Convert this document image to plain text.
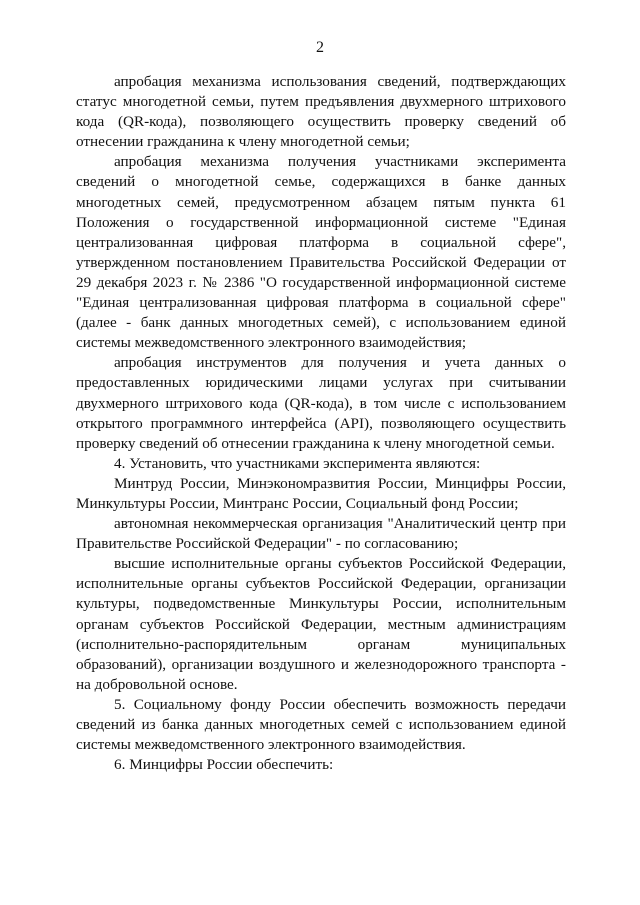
2

апробация механизма использования сведений, подтверждающих статус многодетной семьи, путем предъявления двухмерного штрихового кода (QR-кода), позволяющего осуществить проверку сведений об отнесении гражданина к члену многодетной семьи;

апробация механизма получения участниками эксперимента сведений о многодетной семье, содержащихся в банке данных многодетных семей, предусмотренном абзацем пятым пункта 61 Положения о государственной информационной системе "Единая централизованная цифровая платформа в социальной сфере", утвержденном постановлением Правительства Российской Федерации от 29 декабря 2023 г. № 2386 "О государственной информационной системе "Единая централизованная цифровая платформа в социальной сфере" (далее - банк данных многодетных семей), с использованием единой системы межведомственного электронного взаимодействия;

апробация инструментов для получения и учета данных о предоставленных юридическими лицами услугах при считывании двухмерного штрихового кода (QR-кода), в том числе с использованием открытого программного интерфейса (API), позволяющего осуществить проверку сведений об отнесении гражданина к члену многодетной семьи.

4. Установить, что участниками эксперимента являются:

Минтруд России, Минэкономразвития России, Минцифры России, Минкультуры России, Минтранс России, Социальный фонд России;

автономная некоммерческая организация "Аналитический центр при Правительстве Российской Федерации" - по согласованию;

высшие исполнительные органы субъектов Российской Федерации, исполнительные органы субъектов Российской Федерации, организации культуры, подведомственные Минкультуры России, исполнительным органам субъектов Российской Федерации, местным администрациям (исполнительно-распорядительным органам муниципальных образований), организации воздушного и железнодорожного транспорта - на добровольной основе.

5. Социальному фонду России обеспечить возможность передачи сведений из банка данных многодетных семей с использованием единой системы межведомственного электронного взаимодействия.

6. Минцифры России обеспечить:
